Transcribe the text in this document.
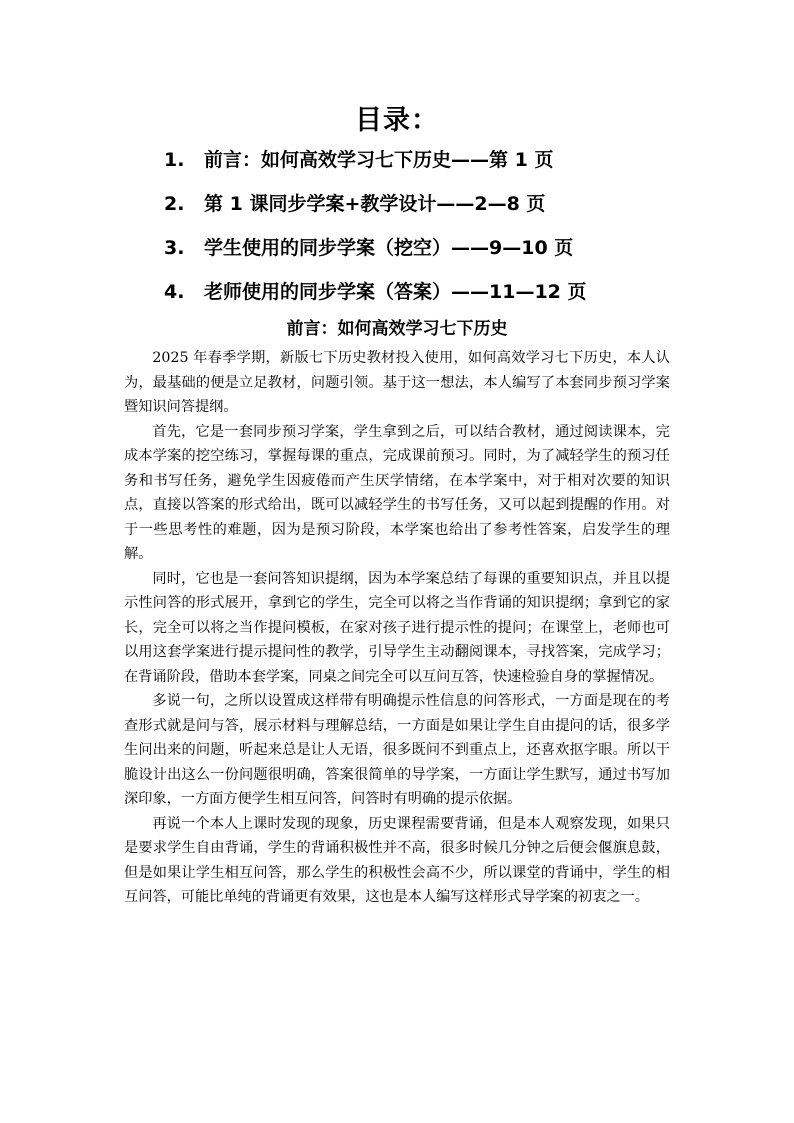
目录：
1. 前言：如何高效学习七下历史——第 1 页
2. 第 1 课同步学案+教学设计——2—8 页
3. 学生使用的同步学案（挖空）——9—10 页
4. 老师使用的同步学案（答案）——11—12 页
前言：如何高效学习七下历史

2025 年春季学期，新版七下历史教材投入使用，如何高效学习七下历史，本人认为，最基础的便是立足教材，问题引领。基于这一想法，本人编写了本套同步预习学案暨知识问答提纲。

首先，它是一套同步预习学案，学生拿到之后，可以结合教材，通过阅读课本，完成本学案的挖空练习，掌握每课的重点，完成课前预习。同时，为了减轻学生的预习任务和书写任务，避免学生因疲倦而产生厌学情绪，在本学案中，对于相对次要的知识点，直接以答案的形式给出，既可以减轻学生的书写任务，又可以起到提醒的作用。对于一些思考性的难题，因为是预习阶段，本学案也给出了参考性答案，启发学生的理解。

同时，它也是一套问答知识提纲，因为本学案总结了每课的重要知识点，并且以提示性问答的形式展开，拿到它的学生，完全可以将之当作背诵的知识提纲；拿到它的家长，完全可以将之当作提问模板，在家对孩子进行提示性的提问；在课堂上，老师也可以用这套学案进行提示提问性的教学，引导学生主动翻阅课本，寻找答案，完成学习；在背诵阶段，借助本套学案，同桌之间完全可以互问互答，快速检验自身的掌握情况。

多说一句，之所以设置成这样带有明确提示性信息的问答形式，一方面是现在的考查形式就是问与答，展示材料与理解总结，一方面是如果让学生自由提问的话，很多学生问出来的问题，听起来总是让人无语，很多既问不到重点上，还喜欢抠字眼。所以干脆设计出这么一份问题很明确，答案很简单的导学案，一方面让学生默写，通过书写加深印象，一方面方便学生相互问答，问答时有明确的提示依据。

再说一个本人上课时发现的现象，历史课程需要背诵，但是本人观察发现，如果只是要求学生自由背诵，学生的背诵积极性并不高，很多时候几分钟之后便会偃旗息鼓，但是如果让学生相互问答，那么学生的积极性会高不少，所以课堂的背诵中，学生的相互问答，可能比单纯的背诵更有效果，这也是本人编写这样形式导学案的初衷之一。
